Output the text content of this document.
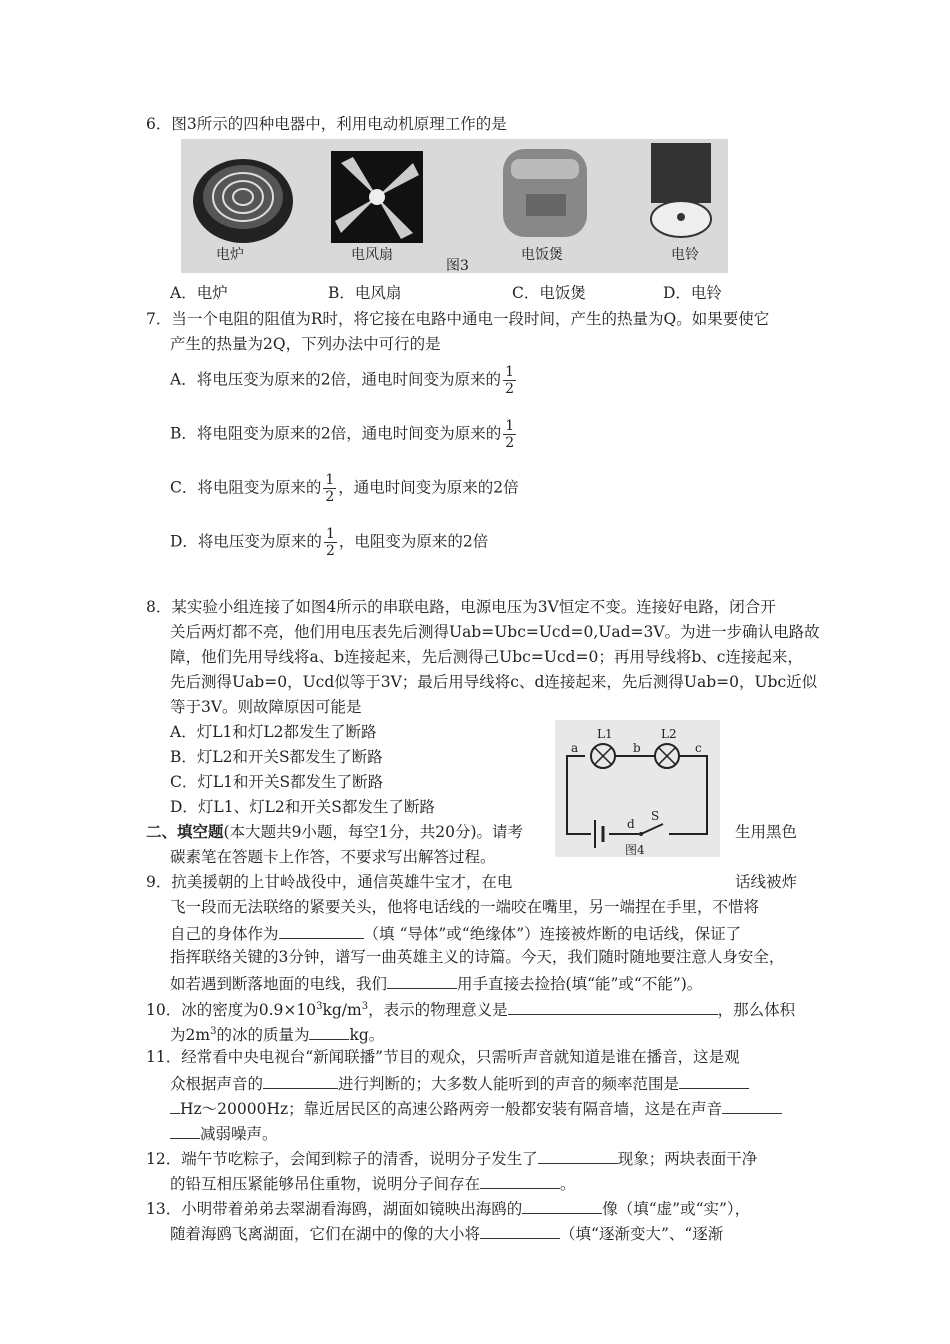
6．图3所示的四种电器中，利用电动机原理工作的是
电炉	电风扇	电饭煲	电铃
图3
A．电炉	B．电风扇	C．电饭煲	D．电铃
7．当一个电阻的阻值为R时，将它接在电路中通电一段时间，产生的热量为Q。如果要使它
产生的热量为2Q，下列办法中可行的是
A．将电压变为原来的2倍，通电时间变为原来的 $\frac{1}{2}$
B．将电阻变为原来的2倍，通电时间变为原来的 $\frac{1}{2}$
C．将电阻变为原来的 $\frac{1}{2}$ ，通电时间变为原来的2倍
D．将电压变为原来的 $\frac{1}{2}$ ，电阻变为原来的2倍
8．某实验小组连接了如图4所示的串联电路，电源电压为3V恒定不变。连接好电路，闭合开
关后两灯都不亮，他们用电压表先后测得Uab=Ubc=Ucd=0,Uad=3V。为进一步确认电路故
障，他们先用导线将a、b连接起来，先后测得己Ubc=Ucd=0；再用导线将b、c连接起来，
先后测得Uab=0，Ucd似等于3V；最后用导线将c、d连接起来，先后测得Uab=0，Ubc近似
等于3V。则故障原因可能是
A．灯L1和灯L2都发生了断路
B．灯L2和开关S都发生了断路
C．灯L1和开关S都发生了断路
D．灯L1、灯L2和开关S都发生了断路
a	b	c
d
L1	L2
S
图4
二、填空题(本大题共9小题，每空1分，共20分)。请考	生用黑色
碳素笔在答题卡上作答，不要求写出解答过程。
9．抗美援朝的上甘岭战役中，通信英雄牛宝才，在电	话线被炸
飞一段而无法联络的紧要关头，他将电话线的一端咬在嘴里，另一端捏在手里，不惜将
自己的身体作为	（填 “导体”或“绝缘体”）连接被炸断的电话线，保证了
指挥联络关键的3分钟，谱写一曲英雄主义的诗篇。今天，我们随时随地要注意人身安全，
如若遇到断落地面的电线，我们	用手直接去捡拾(填“能”或“不能”)。
10．冰的密度为$0.9\times 10^3kg/m^3$，表示的物理意义是	，那么体积
为$2m^3$的冰的质量为	kg。
11．经常看中央电视台“新闻联播”节目的观众，只需听声音就知道是谁在播音，这是观
众根据声音的	进行判断的；大多数人能听到的声音的频率范围是
Hz～20000Hz；靠近居民区的高速公路两旁一般都安装有隔音墙，这是在声音
减弱噪声。
12．端午节吃粽子，会闻到粽子的清香，说明分子发生了	现象；两块表面干净
的铅互相压紧能够吊住重物，说明分子间存在	。
13．小明带着弟弟去翠湖看海鸥，湖面如镜映出海鸥的	像（填“虚”或“实”），
随着海鸥飞离湖面，它们在湖中的像的大小将	（填“逐渐变大”、“逐渐
